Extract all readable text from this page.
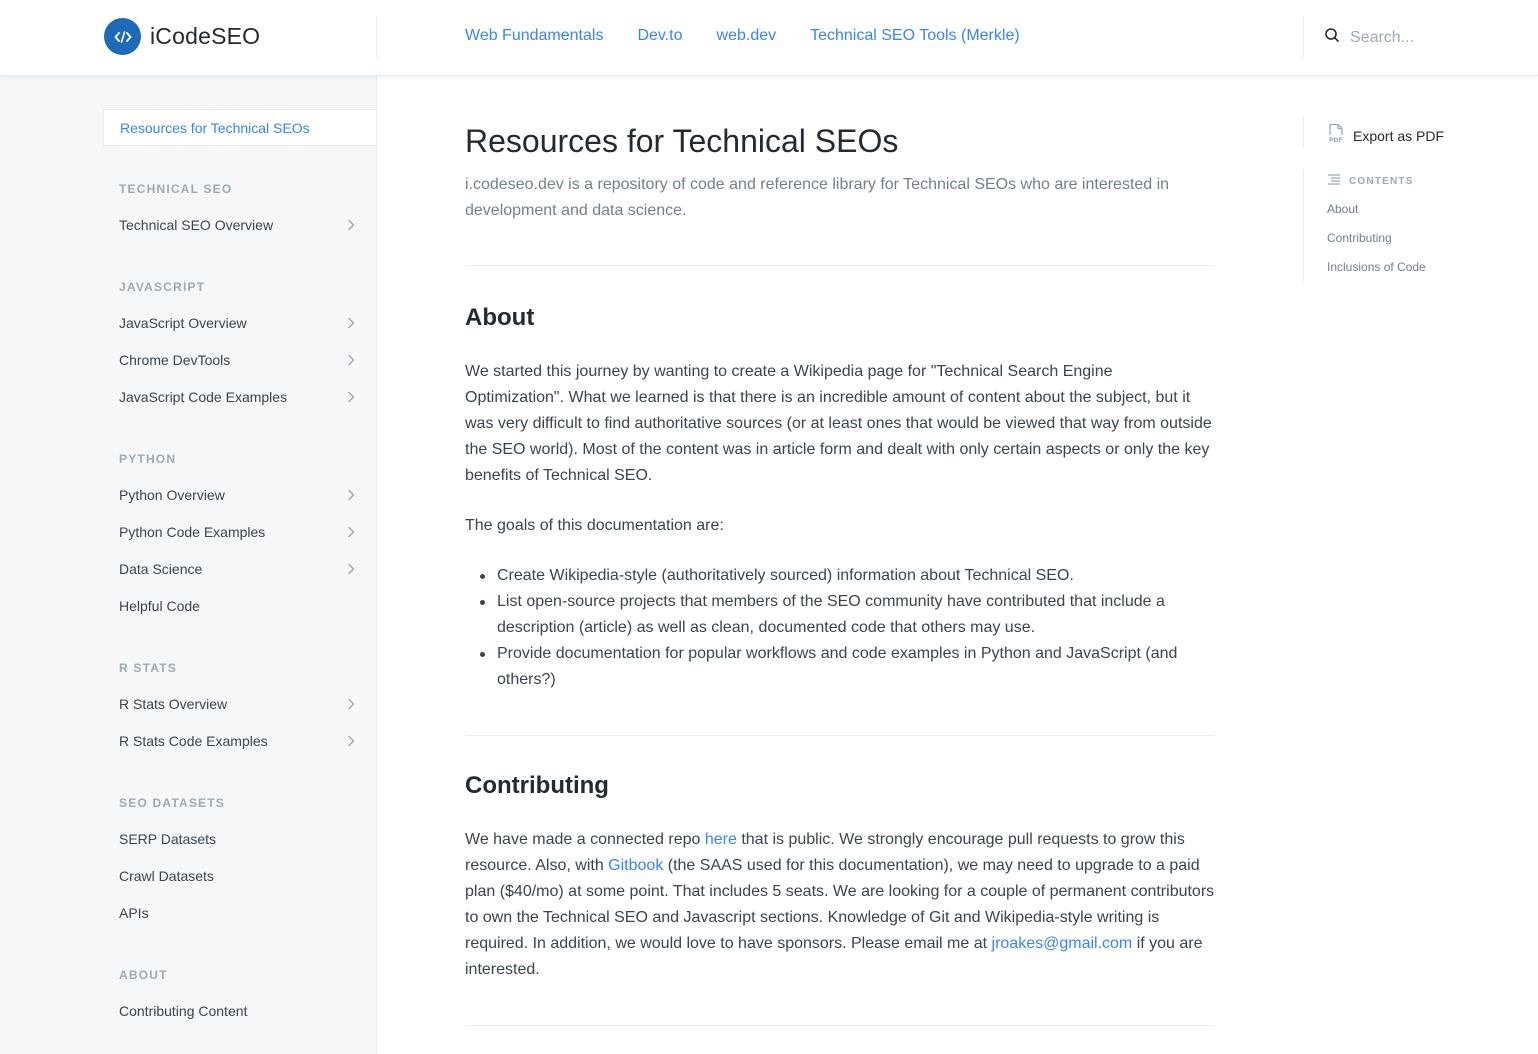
iCodeSEO	Web Fundamentals Dev.to web.dev Technical SEO Tools (Merkle)
Search...
Resources for Technical SEOs
TECHNICAL SEO
Technical SEO Overview
JAVASCRIPT
JavaScript Overview
Chrome DevTools
JavaScript Code Examples
PYTHON
Python Overview
Python Code Examples
Data Science
Helpful Code
R STATS
R Stats Overview
R Stats Code Examples
SEO DATASETS
SERP Datasets
Crawl Datasets
APIs
ABOUT
Contributing Content
Resources for Technical SEOs

i.codeseo.dev is a repository of code and reference library for Technical SEOs who are interested in development and data science.

About

We started this journey by wanting to create a Wikipedia page for "Technical Search Engine Optimization". What we learned is that there is an incredible amount of content about the subject, but it was very difficult to find authoritative sources (or at least ones that would be viewed that way from outside the SEO world). Most of the content was in article form and dealt with only certain aspects or only the key benefits of Technical SEO.

The goals of this documentation are:

Create Wikipedia-style (authoritatively sourced) information about Technical SEO.
List open-source projects that members of the SEO community have contributed that include a description (article) as well as clean, documented code that others may use.
Provide documentation for popular workflows and code examples in Python and JavaScript (and others?)
Contributing

We have made a connected repo here that is public. We strongly encourage pull requests to grow this resource. Also, with Gitbook (the SAAS used for this documentation), we may need to upgrade to a paid plan ($40/mo) at some point. That includes 5 seats. We are looking for a couple of permanent contributors to own the Technical SEO and Javascript sections. Knowledge of Git and Wikipedia-style writing is required. In addition, we would love to have sponsors. Please email me at jroakes@gmail.com if you are interested.

PDF Export as PDF
CONTENTS
About
Contributing
Inclusions of Code
